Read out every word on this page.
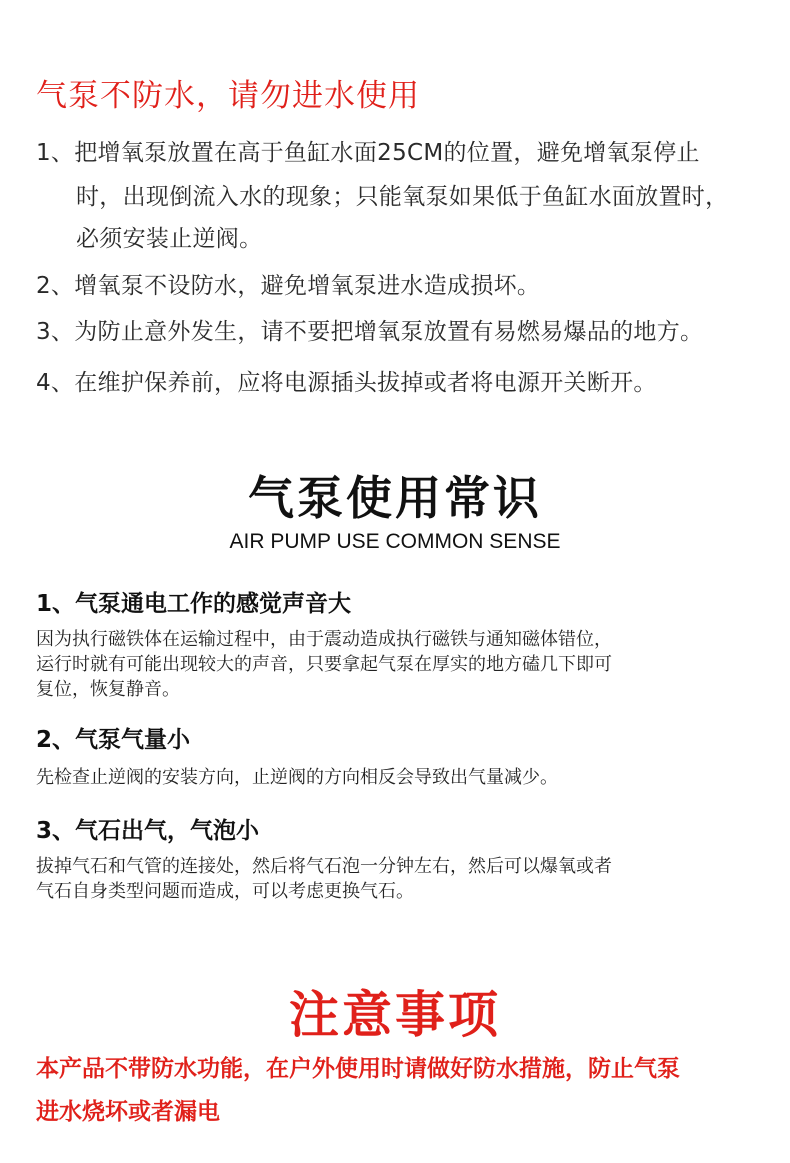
气泵不防水，请勿进水使用
1、把增氧泵放置在高于鱼缸水面25CM的位置，避免增氧泵停止
时，出现倒流入水的现象；只能氧泵如果低于鱼缸水面放置时，
必须安装止逆阀。
2、增氧泵不设防水，避免增氧泵进水造成损坏。
3、为防止意外发生，请不要把增氧泵放置有易燃易爆品的地方。
4、在维护保养前，应将电源插头拔掉或者将电源开关断开。
气泵使用常识
AIR PUMP USE COMMON SENSE
1、气泵通电工作的感觉声音大
因为执行磁铁体在运输过程中，由于震动造成执行磁铁与通知磁体错位，
运行时就有可能出现较大的声音，只要拿起气泵在厚实的地方磕几下即可
复位，恢复静音。
2、气泵气量小
先检查止逆阀的安装方向，止逆阀的方向相反会导致出气量减少。
3、气石出气，气泡小
拔掉气石和气管的连接处，然后将气石泡一分钟左右，然后可以爆氧或者
气石自身类型问题而造成，可以考虑更换气石。
注意事项
本产品不带防水功能，在户外使用时请做好防水措施，防止气泵
进水烧坏或者漏电
